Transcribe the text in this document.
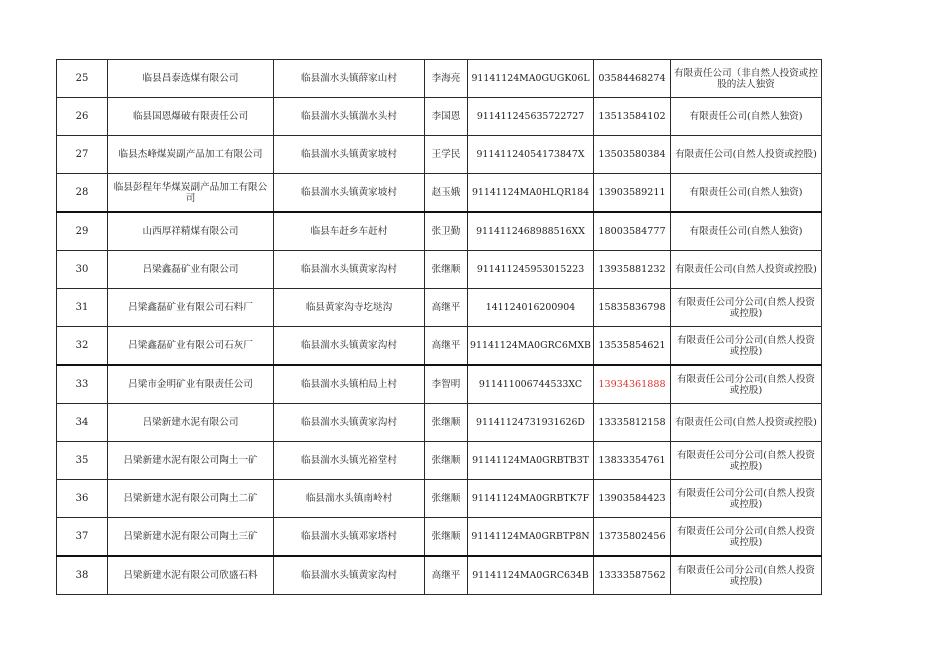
25	临县昌泰选煤有限公司	临县湍水头镇薛家山村	李海亮	91141124MA0GUGK06L	03584468274	有限责任公司（非自然人投资或控股的法人独资
26	临县国恩爆破有限责任公司	临县湍水头镇湍水头村	李国恩	911411245635722727	13513584102	有限责任公司(自然人独资)
27	临县杰峰煤炭副产品加工有限公司	临县湍水头镇黄家坡村	王学民	91141124054173847X	13503580384	有限责任公司(自然人投资或控股)
28	临县彭程年华煤炭副产品加工有限公司	临县湍水头镇黄家坡村	赵玉娥	91141124MA0HLQR184	13903589211	有限责任公司(自然人独资)
29	山西厚祥精煤有限公司	临县车赶乡车赶村	张卫勤	9114112468988516XX	18003584777	有限责任公司(自然人独资)
30	吕梁鑫磊矿业有限公司	临县湍水头镇黄家沟村	张继顺	911411245953015223	13935881232	有限责任公司(自然人投资或控股)
31	吕梁鑫磊矿业有限公司石料厂	临县黄家沟寺圪垯沟	高继平	141124016200904	15835836798	有限责任公司分公司(自然人投资或控股)
32	吕梁鑫磊矿业有限公司石灰厂	临县湍水头镇黄家沟村	高继平	91141124MA0GRC6MXB	13535854621	有限责任公司分公司(自然人投资或控股)
33	吕梁市金明矿业有限责任公司	临县湍水头镇柏局上村	李智明	911411006744533XC	13934361888	有限责任公司分公司(自然人投资或控股)
34	吕梁新建水泥有限公司	临县湍水头镇黄家沟村	张继顺	91141124731931626D	13335812158	有限责任公司(自然人投资或控股)
35	吕梁新建水泥有限公司陶土一矿	临县湍水头镇光裕堂村	张继顺	91141124MA0GRBTB3T	13833354761	有限责任公司分公司(自然人投资或控股)
36	吕梁新建水泥有限公司陶土二矿	临县湍水头镇南岭村	张继顺	91141124MA0GRBTK7F	13903584423	有限责任公司分公司(自然人投资或控股)
37	吕梁新建水泥有限公司陶土三矿	临县湍水头镇邓家塔村	张继顺	91141124MA0GRBTP8N	13735802456	有限责任公司分公司(自然人投资或控股)
38	吕梁新建水泥有限公司欣盛石料	临县湍水头镇黄家沟村	高继平	91141124MA0GRC634B	13333587562	有限责任公司分公司(自然人投资或控股)
